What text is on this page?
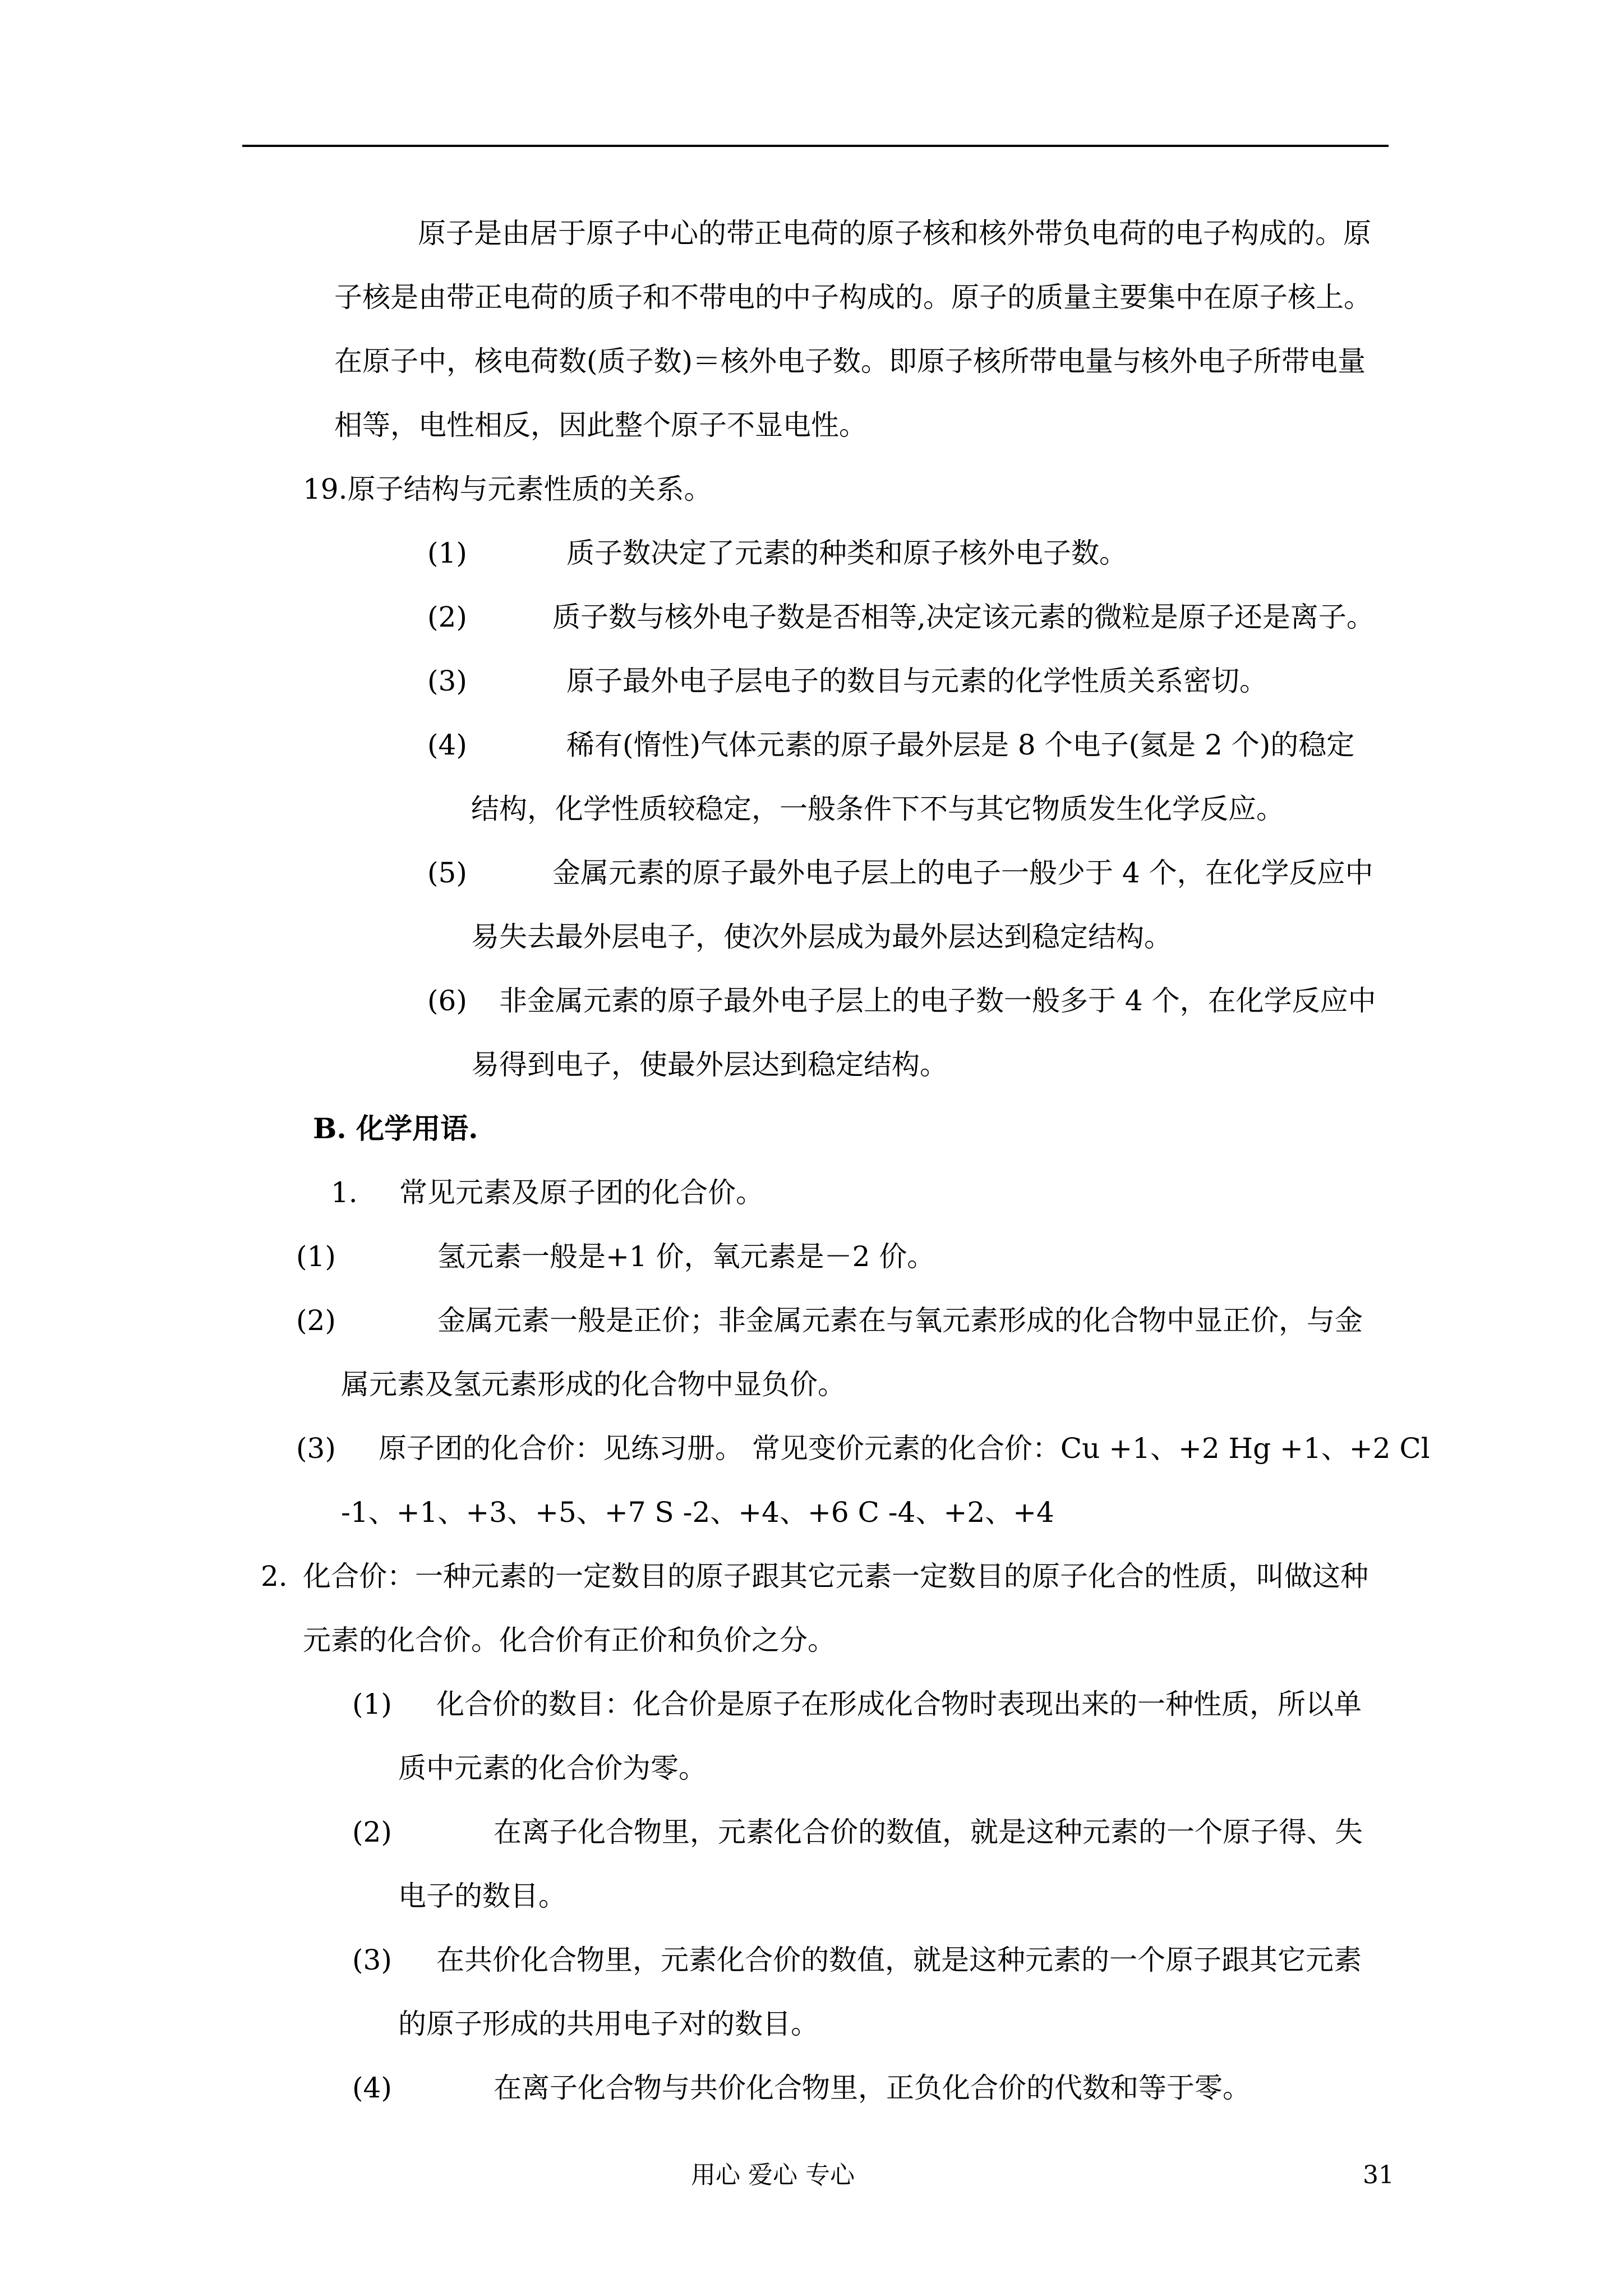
原子是由居于原子中心的带正电荷的原子核和核外带负电荷的电子构成的。原
子核是由带正电荷的质子和不带电的中子构成的。原子的质量主要集中在原子核上。
在原子中，核电荷数(质子数)＝核外电子数。即原子核所带电量与核外电子所带电量
相等，电性相反，因此整个原子不显电性。
19.原子结构与元素性质的关系。
(1)	质子数决定了元素的种类和原子核外电子数。
(2)	质子数与核外电子数是否相等,决定该元素的微粒是原子还是离子。
(3)	原子最外电子层电子的数目与元素的化学性质关系密切。
(4)	稀有(惰性)气体元素的原子最外层是 8 个电子(氦是 2 个)的稳定
结构，化学性质较稳定，一般条件下不与其它物质发生化学反应。
(5)	金属元素的原子最外电子层上的电子一般少于 4 个，在化学反应中
易失去最外层电子，使次外层成为最外层达到稳定结构。
(6) 非金属元素的原子最外电子层上的电子数一般多于 4 个，在化学反应中
易得到电子，使最外层达到稳定结构。
B. 化学用语.
1. 常见元素及原子团的化合价。
(1)	氢元素一般是+1 价，氧元素是－2 价。
(2)	金属元素一般是正价；非金属元素在与氧元素形成的化合物中显正价，与金
属元素及氢元素形成的化合物中显负价。
(3) 原子团的化合价：见练习册。 常见变价元素的化合价：Cu +1、+2 Hg +1、+2 Cl
-1、+1、+3、+5、+7 S -2、+4、+6 C -4、+2、+4
2. 化合价：一种元素的一定数目的原子跟其它元素一定数目的原子化合的性质，叫做这种
元素的化合价。化合价有正价和负价之分。
(1) 化合价的数目：化合价是原子在形成化合物时表现出来的一种性质，所以单
质中元素的化合价为零。
(2)	在离子化合物里，元素化合价的数值，就是这种元素的一个原子得、失
电子的数目。
(3) 在共价化合物里，元素化合价的数值，就是这种元素的一个原子跟其它元素
的原子形成的共用电子对的数目。
(4)	在离子化合物与共价化合物里，正负化合价的代数和等于零。
用心 爱心 专心	31
